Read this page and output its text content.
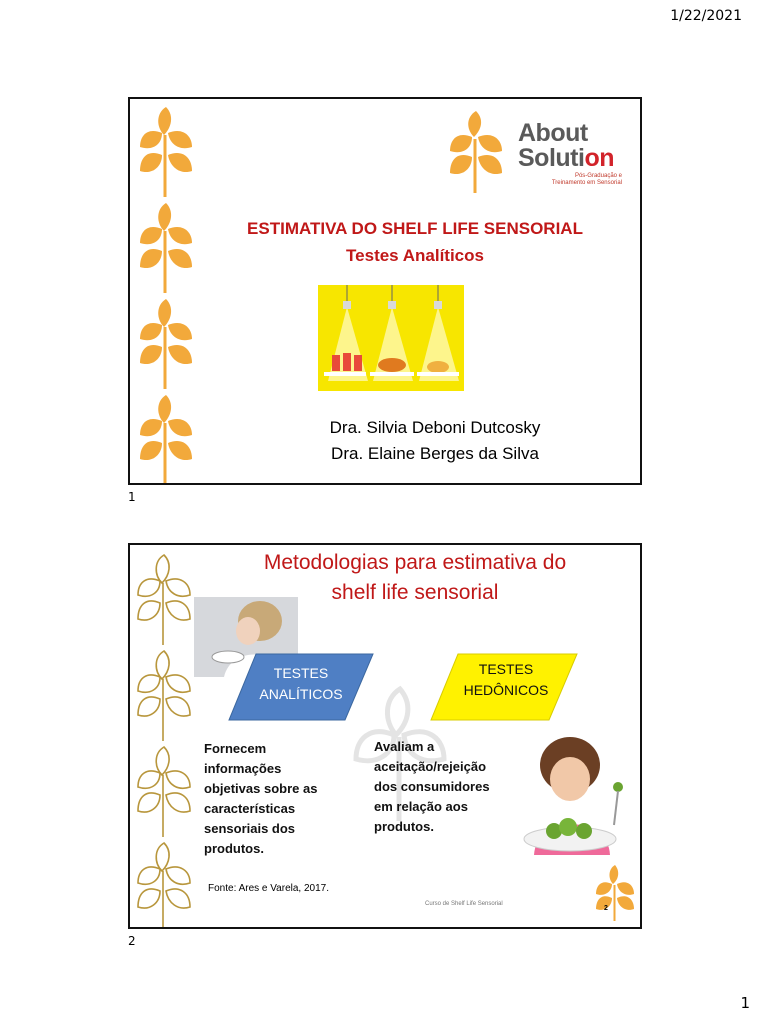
1/22/2021
About
Solution
Pós-Graduação e
Treinamento em Sensorial
ESTIMATIVA DO SHELF LIFE SENSORIAL
Testes Analíticos
Dra. Silvia Deboni Dutcosky
Dra. Elaine Berges da Silva
1
Metodologias para estimativa do
shelf life sensorial
TESTES
ANALÍTICOS
TESTES
HEDÔNICOS
Fornecem
informações
objetivas sobre as
características
sensoriais dos
produtos.
Avaliam a
aceitação/rejeição
dos consumidores
em relação aos
produtos.
Fonte: Ares e Varela, 2017.
Curso de Shelf Life Sensorial
2
2
1
